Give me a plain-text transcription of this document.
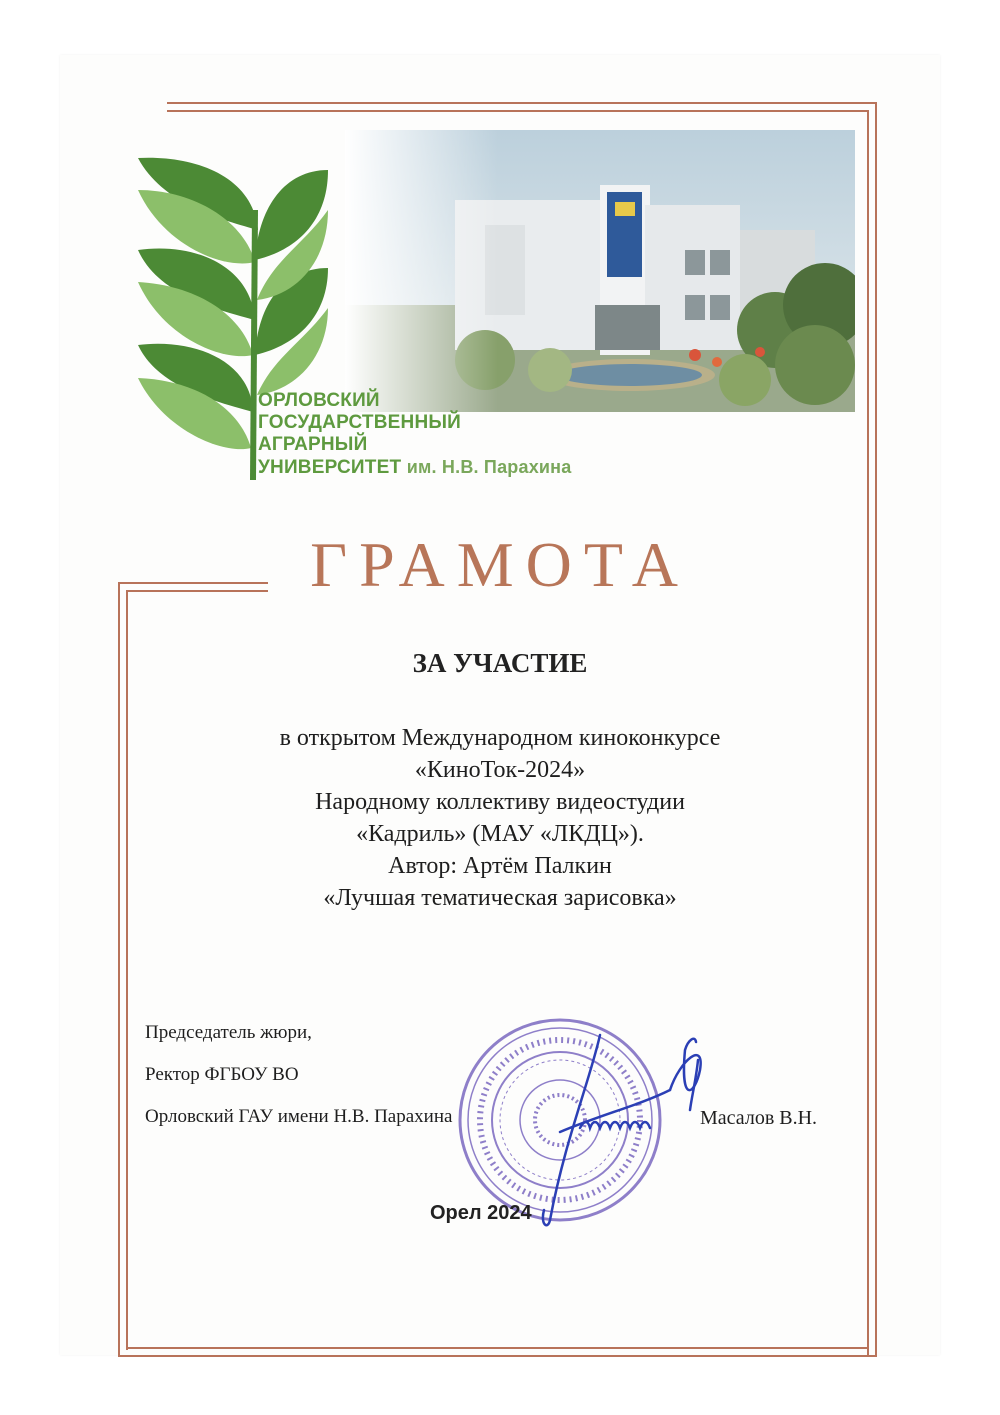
ОРЛОВСКИЙ
ГОСУДАРСТВЕННЫЙ
АГРАРНЫЙ
УНИВЕРСИТЕТ им. Н.В. Парахина
ГРАМОТА
ЗА УЧАСТИЕ
в открытом Международном киноконкурсе
«КиноТок-2024»
Народному коллективу видеостудии
«Кадриль» (МАУ «ЛКДЦ»).
Автор: Артём Палкин
«Лучшая тематическая зарисовка»
Председатель жюри,
Ректор ФГБОУ ВО
Орловский ГАУ имени Н.В. Парахина	Масалов В.Н.
Орел 2024
